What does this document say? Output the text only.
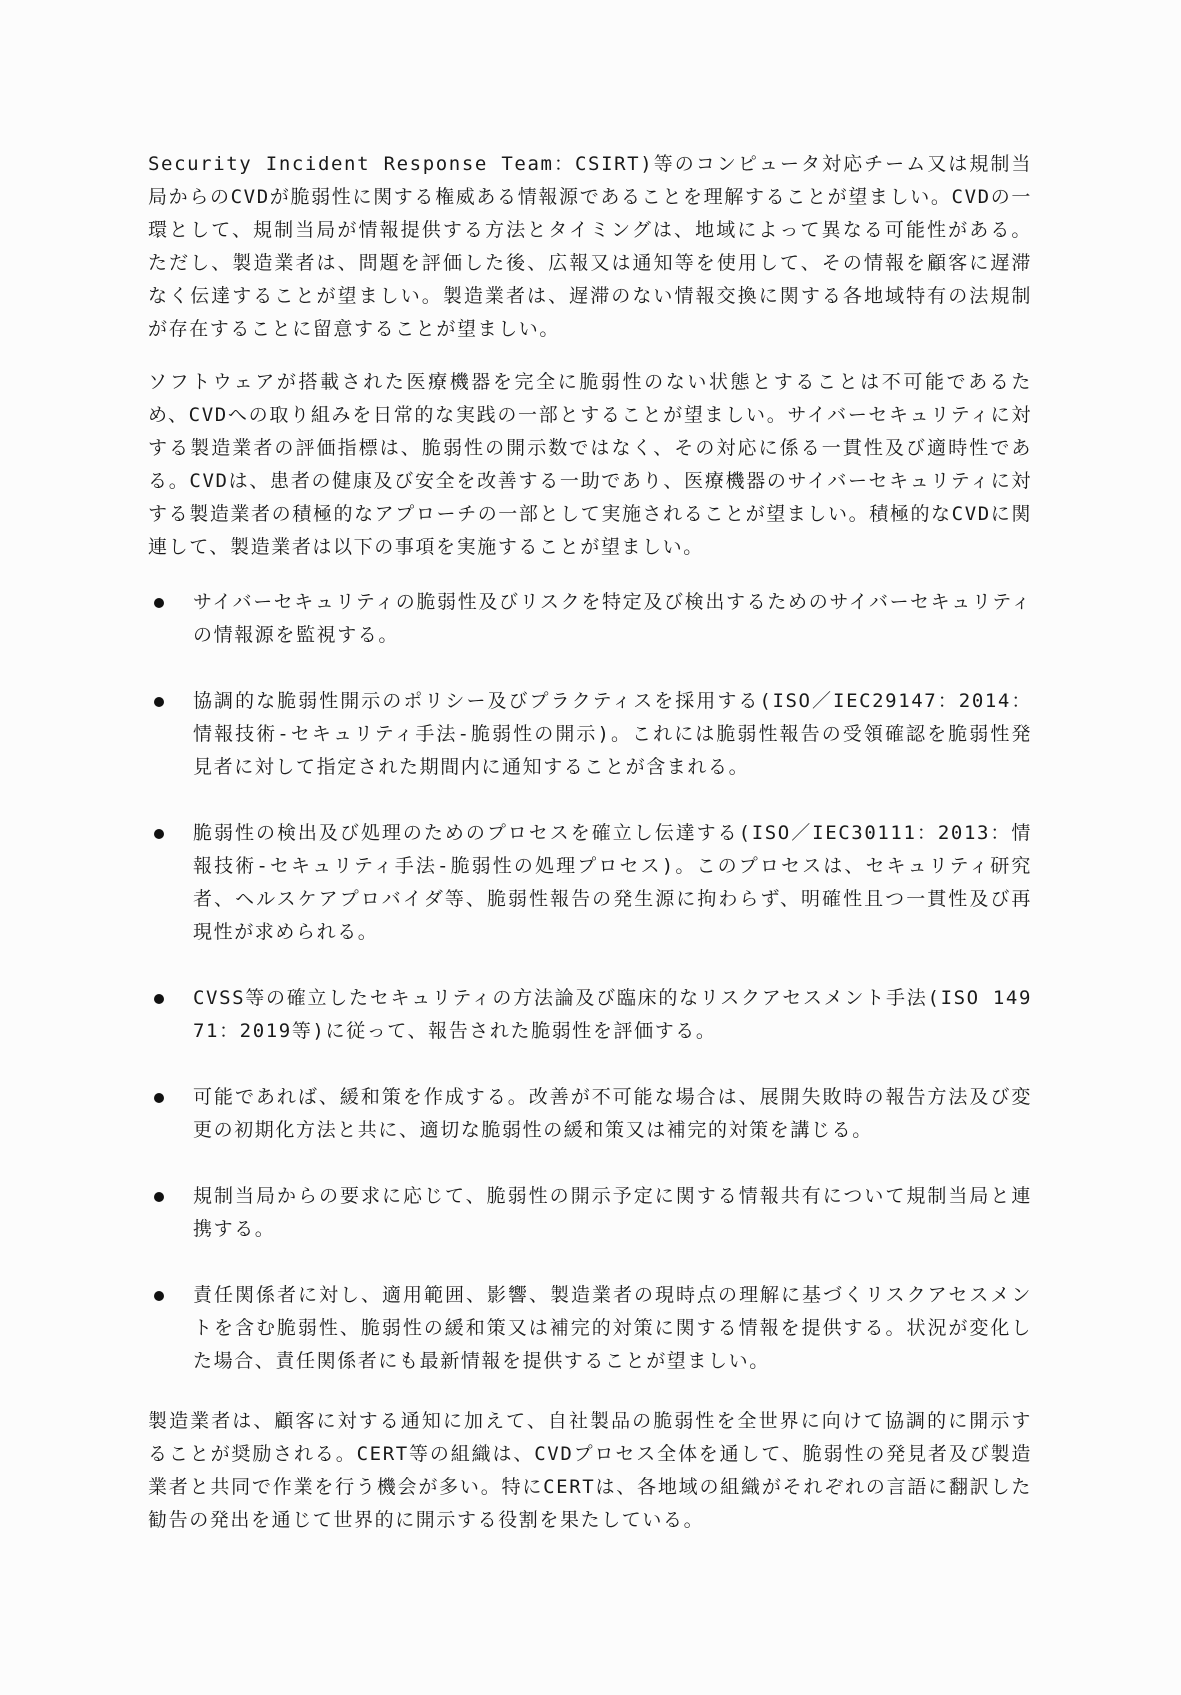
Security Incident Response Team：CSIRT)等のコンピュータ対応チーム又は規制当局からのCVDが脆弱性に関する権威ある情報源であることを理解することが望ましい。CVDの一環として、規制当局が情報提供する方法とタイミングは、地域によって異なる可能性がある。ただし、製造業者は、問題を評価した後、広報又は通知等を使用して、その情報を顧客に遅滞なく伝達することが望ましい。製造業者は、遅滞のない情報交換に関する各地域特有の法規制が存在することに留意することが望ましい。

ソフトウェアが搭載された医療機器を完全に脆弱性のない状態とすることは不可能であるため、CVDへの取り組みを日常的な実践の一部とすることが望ましい。サイバーセキュリティに対する製造業者の評価指標は、脆弱性の開示数ではなく、その対応に係る一貫性及び適時性である。CVDは、患者の健康及び安全を改善する一助であり、医療機器のサイバーセキュリティに対する製造業者の積極的なアプローチの一部として実施されることが望ましい。積極的なCVDに関連して、製造業者は以下の事項を実施することが望ましい。

サイバーセキュリティの脆弱性及びリスクを特定及び検出するためのサイバーセキュリティの情報源を監視する。

協調的な脆弱性開示のポリシー及びプラクティスを採用する(ISO／IEC29147：2014：情報技術-セキュリティ手法-脆弱性の開示)。これには脆弱性報告の受領確認を脆弱性発見者に対して指定された期間内に通知することが含まれる。

脆弱性の検出及び処理のためのプロセスを確立し伝達する(ISO／IEC30111：2013：情報技術-セキュリティ手法-脆弱性の処理プロセス)。このプロセスは、セキュリティ研究者、ヘルスケアプロバイダ等、脆弱性報告の発生源に拘わらず、明確性且つ一貫性及び再現性が求められる。

CVSS等の確立したセキュリティの方法論及び臨床的なリスクアセスメント手法(ISO 14971：2019等)に従って、報告された脆弱性を評価する。

可能であれば、緩和策を作成する。改善が不可能な場合は、展開失敗時の報告方法及び変更の初期化方法と共に、適切な脆弱性の緩和策又は補完的対策を講じる。

規制当局からの要求に応じて、脆弱性の開示予定に関する情報共有について規制当局と連携する。

責任関係者に対し、適用範囲、影響、製造業者の現時点の理解に基づくリスクアセスメントを含む脆弱性、脆弱性の緩和策又は補完的対策に関する情報を提供する。状況が変化した場合、責任関係者にも最新情報を提供することが望ましい。

製造業者は、顧客に対する通知に加えて、自社製品の脆弱性を全世界に向けて協調的に開示することが奨励される。CERT等の組織は、CVDプロセス全体を通して、脆弱性の発見者及び製造業者と共同で作業を行う機会が多い。特にCERTは、各地域の組織がそれぞれの言語に翻訳した勧告の発出を通じて世界的に開示する役割を果たしている。
